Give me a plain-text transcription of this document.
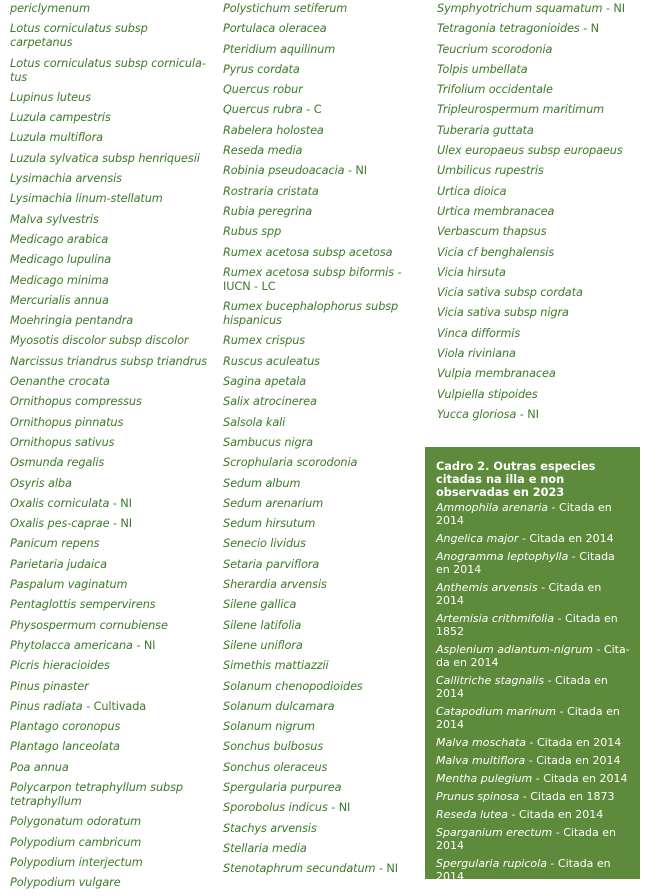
periclymenum
Lotus corniculatus subsp carpetanus
Lotus corniculatus subsp cornicula-tus
Lupinus luteus
Luzula campestris
Luzula multiflora
Luzula sylvatica subsp henriquesii
Lysimachia arvensis
Lysimachia linum-stellatum
Malva sylvestris
Medicago arabica
Medicago lupulina
Medicago minima
Mercurialis annua
Moehringia pentandra
Myosotis discolor subsp discolor
Narcissus triandrus subsp triandrus
Oenanthe crocata
Ornithopus compressus
Ornithopus pinnatus
Ornithopus sativus
Osmunda regalis
Osyris alba
Oxalis corniculata - NI
Oxalis pes-caprae - NI
Panicum repens
Parietaria judaica
Paspalum vaginatum
Pentaglottis sempervirens
Physospermum cornubiense
Phytolacca americana - NI
Picris hieracioides
Pinus pinaster
Pinus radiata - Cultivada
Plantago coronopus
Plantago lanceolata
Poa annua
Polycarpon tetraphyllum subsp tetraphyllum
Polygonatum odoratum
Polypodium cambricum
Polypodium interjectum
Polypodium vulgare
Polystichum setiferum
Portulaca oleracea
Pteridium aquilinum
Pyrus cordata
Quercus robur
Quercus rubra - C
Rabelera holostea
Reseda media
Robinia pseudoacacia - NI
Rostraria cristata
Rubia peregrina
Rubus spp
Rumex acetosa subsp acetosa
Rumex acetosa subsp biformis - IUCN - LC
Rumex bucephalophorus subsp hispanicus
Rumex crispus
Ruscus aculeatus
Sagina apetala
Salix atrocinerea
Salsola kali
Sambucus nigra
Scrophularia scorodonia
Sedum album
Sedum arenarium
Sedum hirsutum
Senecio lividus
Setaria parviflora
Sherardia arvensis
Silene gallica
Silene latifolia
Silene uniflora
Simethis mattiazzii
Solanum chenopodioides
Solanum dulcamara
Solanum nigrum
Sonchus bulbosus
Sonchus oleraceus
Spergularia purpurea
Sporobolus indicus - NI
Stachys arvensis
Stellaria media
Stenotaphrum secundatum - NI
Symphyotrichum squamatum - NI
Tetragonia tetragonioides - N
Teucrium scorodonia
Tolpis umbellata
Trifolium occidentale
Tripleurospermum maritimum
Tuberaria guttata
Ulex europaeus subsp europaeus
Umbilicus rupestris
Urtica dioica
Urtica membranacea
Verbascum thapsus
Vicia cf benghalensis
Vicia hirsuta
Vicia sativa subsp cordata
Vicia sativa subsp nigra
Vinca difformis
Viola riviniana
Vulpia membranacea
Vulpiella stipoides
Yucca gloriosa - NI
Cadro 2. Outras especies citadas na illa e non observadas en 2023
Ammophila arenaria - Citada en 2014
Angelica major - Citada en 2014
Anogramma leptophylla - Citada en 2014
Anthemis arvensis - Citada en 2014
Artemisia crithmifolia - Citada en 1852
Asplenium adiantum-nigrum - Cita-da en 2014
Callitriche stagnalis - Citada en 2014
Catapodium marinum - Citada en 2014
Malva moschata - Citada en 2014
Malva multiflora - Citada en 2014
Mentha pulegium - Citada en 2014
Prunus spinosa - Citada en 1873
Reseda lutea - Citada en 2014
Sparganium erectum - Citada en 2014
Spergularia rupicola - Citada en 2014
